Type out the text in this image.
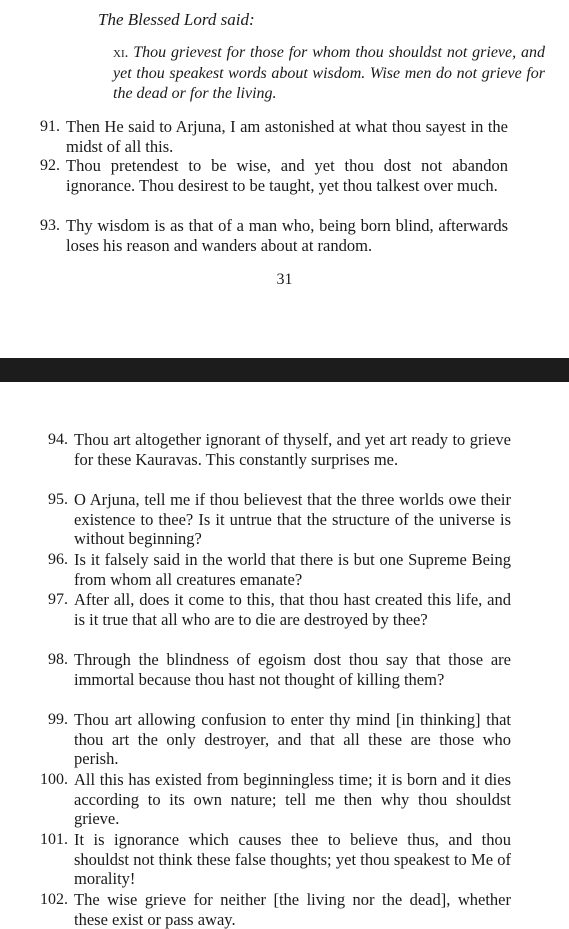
The Blessed Lord said:
xi. Thou grievest for those for whom thou shouldst not grieve, and yet thou speakest words about wisdom. Wise men do not grieve for the dead or for the living.
91. Then He said to Arjuna, I am astonished at what thou sayest in the midst of all this.
92. Thou pretendest to be wise, and yet thou dost not abandon ignorance. Thou desirest to be taught, yet thou talkest over much.
93. Thy wisdom is as that of a man who, being born blind, afterwards loses his reason and wanders about at random.
31
94. Thou art altogether ignorant of thyself, and yet art ready to grieve for these Kauravas. This constantly surprises me.
95. O Arjuna, tell me if thou believest that the three worlds owe their existence to thee? Is it untrue that the structure of the universe is without beginning?
96. Is it falsely said in the world that there is but one Supreme Being from whom all creatures emanate?
97. After all, does it come to this, that thou hast created this life, and is it true that all who are to die are destroyed by thee?
98. Through the blindness of egoism dost thou say that those are immortal because thou hast not thought of killing them?
99. Thou art allowing confusion to enter thy mind [in thinking] that thou art the only destroyer, and that all these are those who perish.
100. All this has existed from beginningless time; it is born and it dies according to its own nature; tell me then why thou shouldst grieve.
101. It is ignorance which causes thee to believe thus, and thou shouldst not think these false thoughts; yet thou speakest to Me of morality!
102. The wise grieve for neither [the living nor the dead], whether these exist or pass away.
